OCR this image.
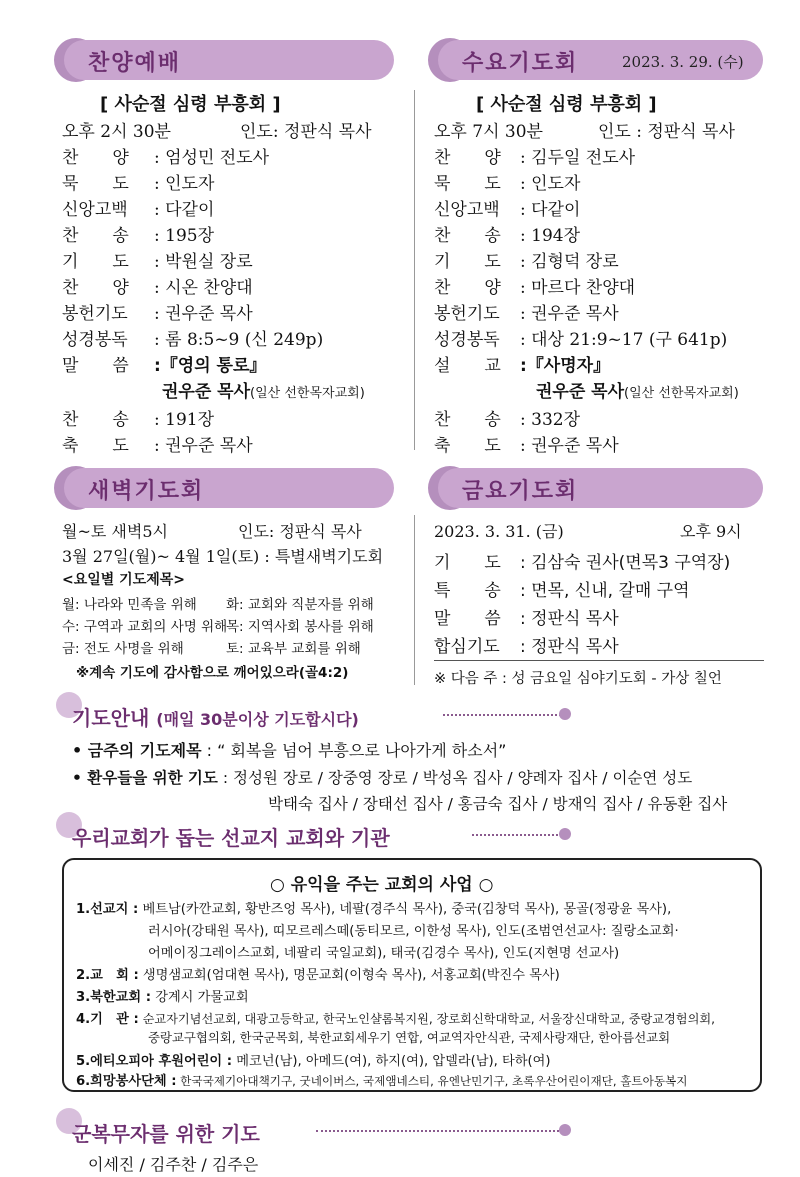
찬양예배
[ 사순절 심령 부흥회 ]
오후 2시 30분	인도: 정판식 목사
찬　　양 : 엄성민 전도사
묵　　도 : 인도자
신앙고백 : 다같이
찬　　송 : 195장
기　　도 : 박원실 장로
찬　　양 : 시온 찬양대
봉헌기도 : 권우준 목사
성경봉독 : 롬 8:5~9 (신 249p)
말　　씀 :『영의 통로』
권우준 목사(일산 선한목자교회)
찬　　송 : 191장
축　　도 : 권우준 목사
수요기도회	2023. 3. 29. (수)
[ 사순절 심령 부흥회 ]
오후 7시 30분	인도 : 정판식 목사
찬　　양 : 김두일 전도사
묵　　도 : 인도자
신앙고백 : 다같이
찬　　송 : 194장
기　　도 : 김형덕 장로
찬　　양 : 마르다 찬양대
봉헌기도 : 권우준 목사
성경봉독 : 대상 21:9~17 (구 641p)
설　　교 :『사명자』
권우준 목사(일산 선한목자교회)
찬　　송 : 332장
축　　도 : 권우준 목사
새벽기도회
월~토 새벽5시	인도: 정판식 목사
3월 27일(월)~ 4월 1일(토) : 특별새벽기도회
<요일별 기도제목>
월: 나라와 민족을 위해 화: 교회와 직분자를 위해
수: 구역과 교회의 사명 위해목: 지역사회 봉사를 위해
금: 전도 사명을 위해	토: 교육부 교회를 위해
※계속 기도에 감사함으로 깨어있으라(골4:2)
금요기도회
2023. 3. 31. (금)	오후 9시
기　　도 : 김삼숙 권사(면목3 구역장)
특　　송 : 면목, 신내, 갈매 구역
말　　씀 : 정판식 목사
합심기도 : 정판식 목사
※ 다음 주 : 성 금요일 심야기도회 - 가상 칠언
기도안내 (매일 30분이상 기도합시다)
• 금주의 기도제목 : “ 회복을 넘어 부흥으로 나아가게 하소서”
• 환우들을 위한 기도 : 정성원 장로 / 장중영 장로 / 박성옥 집사 / 양례자 집사 / 이순연 성도
박태숙 집사 / 장태선 집사 / 홍금숙 집사 / 방재익 집사 / 유동환 집사
우리교회가 돕는 선교지 교회와 기관
○ 유익을 주는 교회의 사업 ○
1.선교지 : 베트남(카깐교회, 황반즈엉 목사), 네팔(경주식 목사), 중국(김창덕 목사), 몽골(정광윤 목사),
러시아(강태원 목사), 띠모르레스떼(동티모르, 이한성 목사), 인도(조범연선교사: 질랑소교회·
어메이징그레이스교회, 네팔리 국일교회), 태국(김경수 목사), 인도(지현명 선교사)
2.교　회 : 생명샘교회(엄대현 목사), 명문교회(이형숙 목사), 서홍교회(박진수 목사)
3.북한교회 : 강계시 가물교회
4.기　관 : 순교자기념선교회, 대광고등학교, 한국노인샬롬복지원, 장로회신학대학교, 서울장신대학교, 중랑교경험의회,
중랑교구협의회, 한국군목회, 북한교회세우기 연합, 여교역자안식관, 국제사랑재단, 한아름선교회
5.에티오피아 후원어린이 : 메코넌(남), 아메드(여), 하지(여), 압델라(남), 타하(여)
6.희망봉사단체 : 한국국제기아대책기구, 굿네이버스, 국제앰네스티, 유엔난민기구, 초록우산어린이재단, 홀트아동복지
군복무자를 위한 기도
이세진 / 김주찬 / 김주은
